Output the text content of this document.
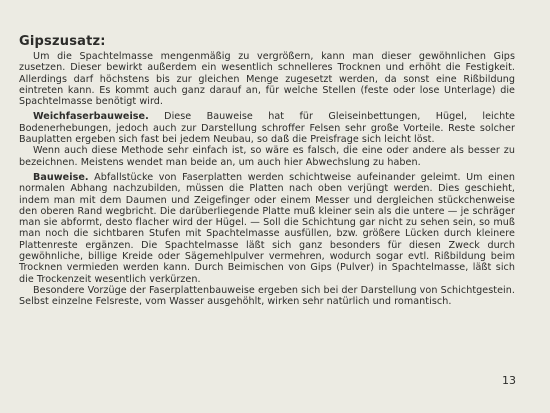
Gipszusatz:

Um die Spachtelmasse mengenmäßig zu vergrößern, kann man dieser gewöhnlichen Gips zusetzen. Dieser bewirkt außerdem ein wesentlich schnelleres Trocknen und erhöht die Festigkeit. Allerdings darf höchstens bis zur gleichen Menge zugesetzt werden, da sonst eine Rißbildung eintreten kann. Es kommt auch ganz darauf an, für welche Stellen (feste oder lose Unterlage) die Spachtelmasse benötigt wird.

Weichfaserbauweise. Diese Bauweise hat für Gleiseinbettungen, Hügel, leichte Bodenerhebungen, jedoch auch zur Darstellung schroffer Felsen sehr große Vorteile. Reste solcher Bauplatten ergeben sich fast bei jedem Neubau, so daß die Preisfrage sich leicht löst.

Wenn auch diese Methode sehr einfach ist, so wäre es falsch, die eine oder andere als besser zu bezeichnen. Meistens wendet man beide an, um auch hier Abwechslung zu haben.

Bauweise. Abfallstücke von Faserplatten werden schichtweise aufeinander geleimt. Um einen normalen Abhang nachzubilden, müssen die Platten nach oben verjüngt werden. Dies geschieht, indem man mit dem Daumen und Zeigefinger oder einem Messer und dergleichen stückchenweise den oberen Rand wegbricht. Die darüberliegende Platte muß kleiner sein als die untere — je schräger man sie abformt, desto flacher wird der Hügel. — Soll die Schichtung gar nicht zu sehen sein, so muß man noch die sichtbaren Stufen mit Spachtelmasse ausfüllen, bzw. größere Lücken durch kleinere Plattenreste ergänzen. Die Spachtelmasse läßt sich ganz besonders für diesen Zweck durch gewöhnliche, billige Kreide oder Sägemehlpulver vermehren, wodurch sogar evtl. Rißbildung beim Trocknen vermieden werden kann. Durch Beimischen von Gips (Pulver) in Spachtelmasse, läßt sich die Trockenzeit wesentlich verkürzen.

Besondere Vorzüge der Faserplattenbauweise ergeben sich bei der Darstellung von Schichtgestein. Selbst einzelne Felsreste, vom Wasser ausgehöhlt, wirken sehr natürlich und romantisch.

13
